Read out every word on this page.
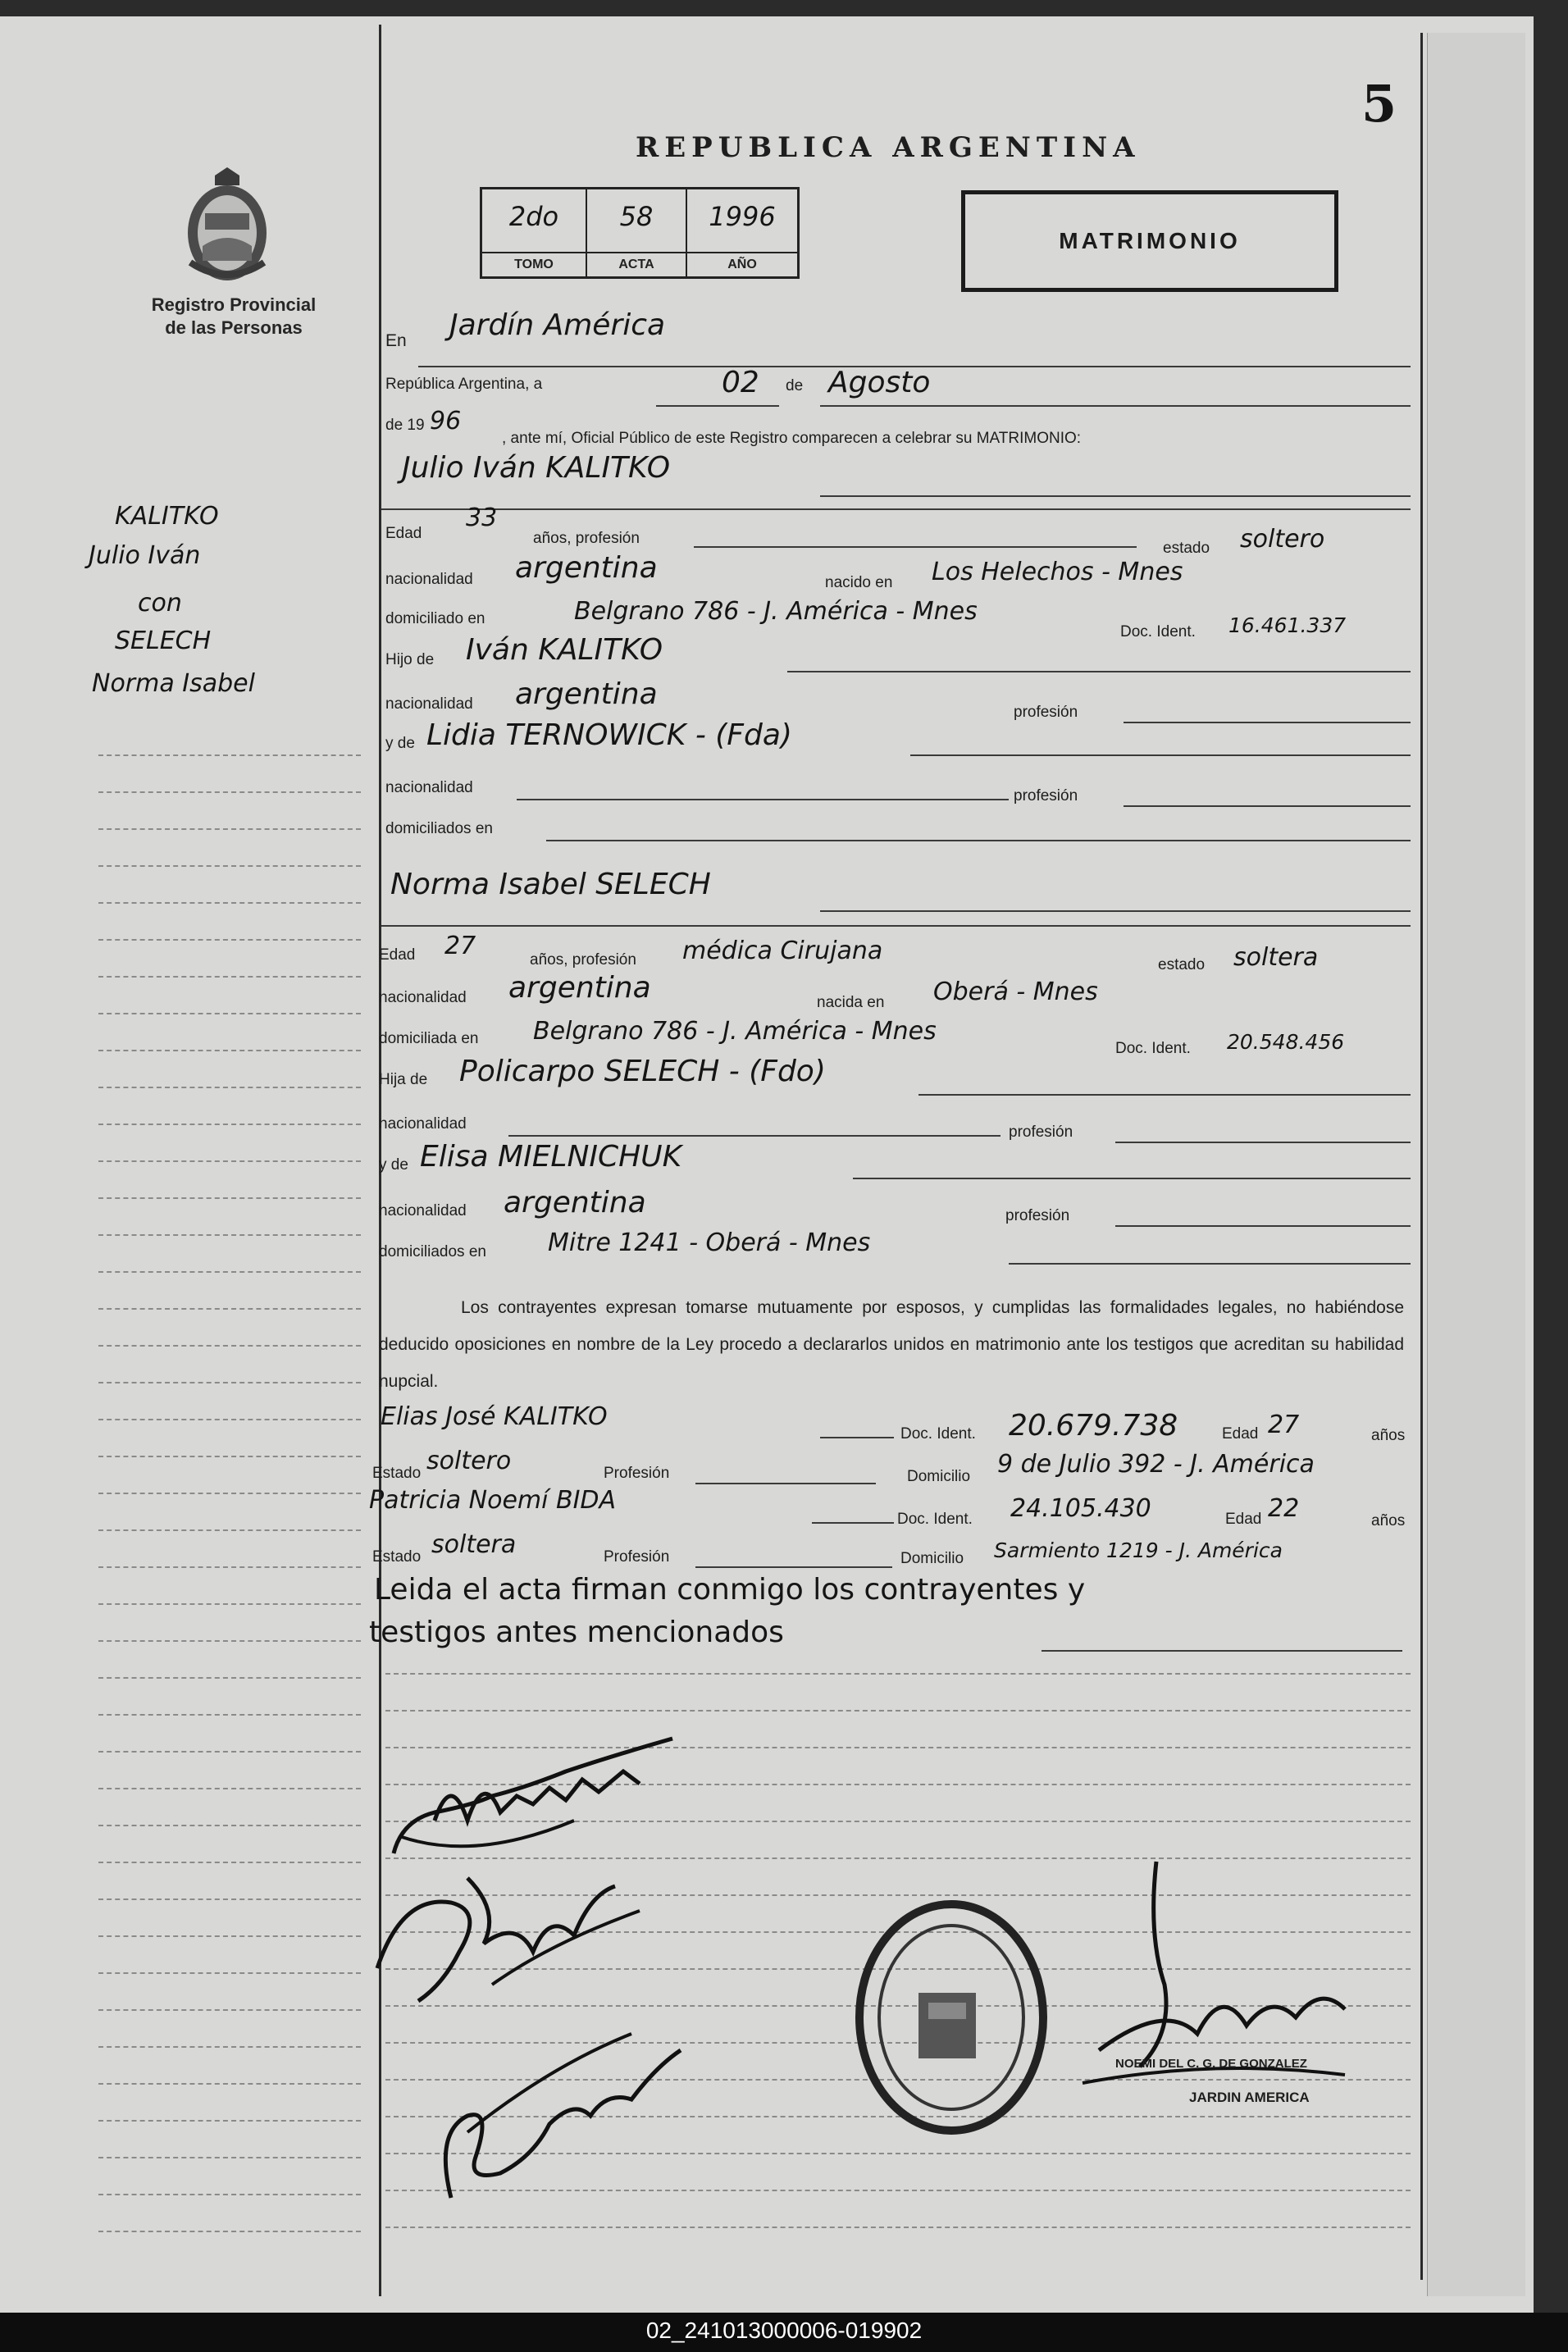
5
REPUBLICA ARGENTINA
Registro Provincial
de las Personas
2do
TOMO
58
ACTA
1996
AÑO
MATRIMONIO
KALITKO
Julio Iván
con
SELECH
Norma Isabel
En Jardín América
República Argentina, a	02 de Agosto
de 19 96
, ante mí, Oficial Público de este Registro comparecen a celebrar su MATRIMONIO:
Julio Iván KALITKO
Edad
33
años, profesión
estado soltero
nacionalidad argentina	nacido en Los Helechos - Mnes
domiciliado en	Belgrano 786 - J. América - Mnes
Doc. Ident. 16.461.337
Hijo de Iván KALITKO
nacionalidad argentina
profesión
y de Lidia TERNOWICK - (Fda)
nacionalidad	profesión
domiciliados en
Norma Isabel SELECH
Edad 27	años, profesión médica Cirujana	estado soltera
nacionalidad argentina	nacida en Oberá - Mnes
domiciliada en Belgrano 786 - J. América - Mnes
Doc. Ident. 20.548.456
Hija de Policarpo SELECH - (Fdo)
nacionalidad	profesión
y de Elisa MIELNICHUK
nacionalidad argentina	profesión
domiciliados en	Mitre 1241 - Oberá - Mnes
Los contrayentes expresan tomarse mutuamente por esposos, y cumplidas las formalidades legales, no habiéndose deducido oposiciones en nombre de la Ley procedo a declararlos unidos en matrimonio ante los testigos que acreditan su habilidad nupcial.
Elias José KALITKO
Doc. Ident. 20.679.738	Edad 27	años
Estado soltero	Profesión	Domicilio 9 de Julio 392 - J. América
Patricia Noemí BIDA
Doc. Ident. 24.105.430	Edad 22	años
Estado soltera	Profesión	Domicilio Sarmiento 1219 - J. América
Leida el acta firman conmigo los contrayentes y
testigos antes mencionados
NOEMI DEL C. G. DE GONZALEZ
JARDIN AMERICA
02_241013000006-019902
